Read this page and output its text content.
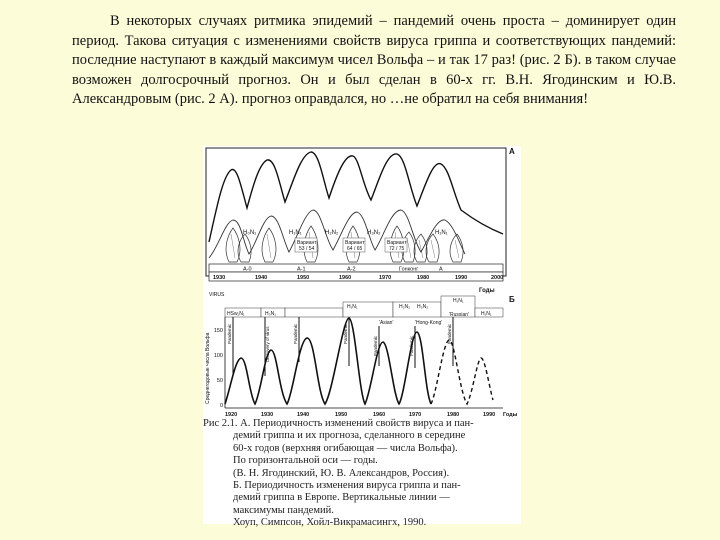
В некоторых случаях ритмика эпидемий – пандемий очень проста – доминирует один период. Такова ситуация с изменениями свойств вируса гриппа и соответствующих пандемий: последние наступают в каждый максимум чисел Вольфа – и так 17 раз! (рис. 2 Б). в таком случае возможен долгосрочный прогноз. Он и был сделан в 60-х гг. В.Н. Ягодинским и Ю.В. Александровым (рис. 2 А). прогноз оправдался, но …не обратил на себя внимания!

H₀N₁	H₁N₁	H₂N₂	H₃N₂	H₁N₁
Вариант
53 / 54
Вариант
64 / 65
Вариант
72 / 75
А-0	А-1	А-2	Гонконг	А
1930	1940	1950	1960	1970	1980	1990	2000
Годы
А
Б
VIRUS
HSw₁N₁	H₀N₁
H₁N₁	H₂N₂ H₃N₂
H₁N₁
H₁N₁
'Asian'	'Hong-Kong'
'Russian'
150
100
50
0
Среднегодовые числа Вольфа	Pandemic	Discovery of virus	Pandemic	Pandemic
Pandemic	Pandemic
Pandemic
1920	1930	1940	1950	1960	1970	1980	1990 Годы
Рис 2.1. А. Периодичность изменений свойств вируса и пан-
демий гриппа и их прогноза, сделанного в середине
60-х годов (верхняя огибающая — числа Вольфа).
По горизонтальной оси — годы.
(В. Н. Ягодинский, Ю. В. Александров, Россия).
Б. Периодичность изменения вируса гриппа и пан-
демий гриппа в Европе. Вертикальные линии —
максимумы пандемий.
Хоуп, Симпсон, Хойл-Викрамасингх, 1990.
